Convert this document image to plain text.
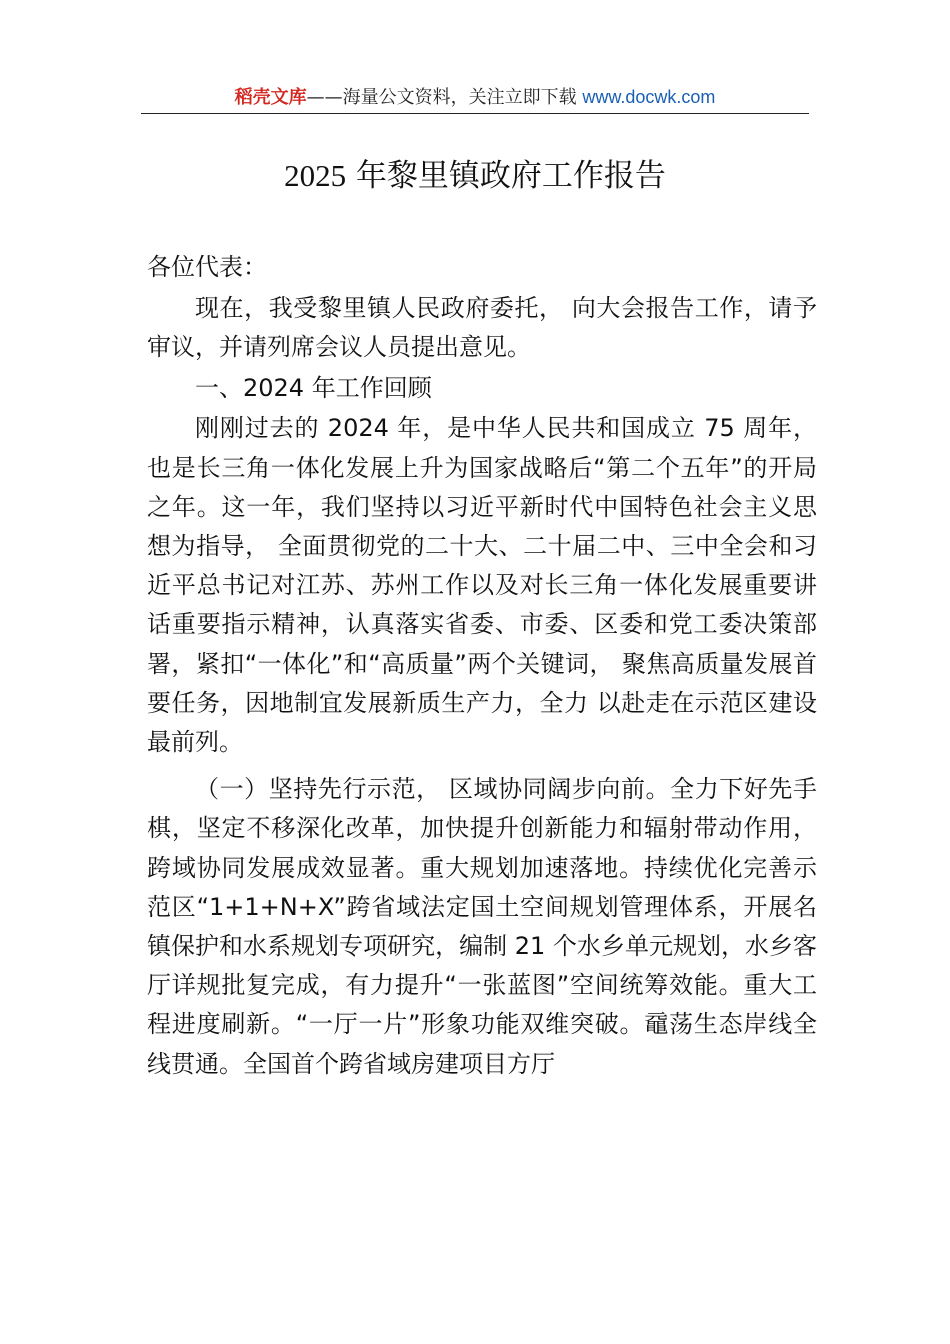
稻壳文库——海量公文资料，关注立即下载 www.docwk.com
2025 年黎里镇政府工作报告

各位代表：

现在，我受黎里镇人民政府委托， 向大会报告工作，请予审议，并请列席会议人员提出意见。

一、2024 年工作回顾

刚刚过去的 2024 年，是中华人民共和国成立 75 周年，也是长三角一体化发展上升为国家战略后“第二个五年”的开局之年。这一年，我们坚持以习近平新时代中国特色社会主义思想为指导， 全面贯彻党的二十大、二十届二中、三中全会和习近平总书记对江苏、苏州工作以及对长三角一体化发展重要讲话重要指示精神，认真落实省委、市委、区委和党工委决策部署，紧扣“一体化”和“高质量”两个关键词， 聚焦高质量发展首要任务，因地制宜发展新质生产力，全力 以赴走在示范区建设最前列。

（一）坚持先行示范， 区域协同阔步向前。全力下好先手棋，坚定不移深化改革，加快提升创新能力和辐射带动作用，跨域协同发展成效显著。重大规划加速落地。持续优化完善示范区“1+1+N+X”跨省域法定国土空间规划管理体系，开展名镇保护和水系规划专项研究，编制 21 个水乡单元规划，水乡客厅详规批复完成，有力提升“一张蓝图”空间统筹效能。重大工程进度刷新。“一厅一片”形象功能双维突破。黿荡生态岸线全线贯通。全国首个跨省域房建项目方厅
